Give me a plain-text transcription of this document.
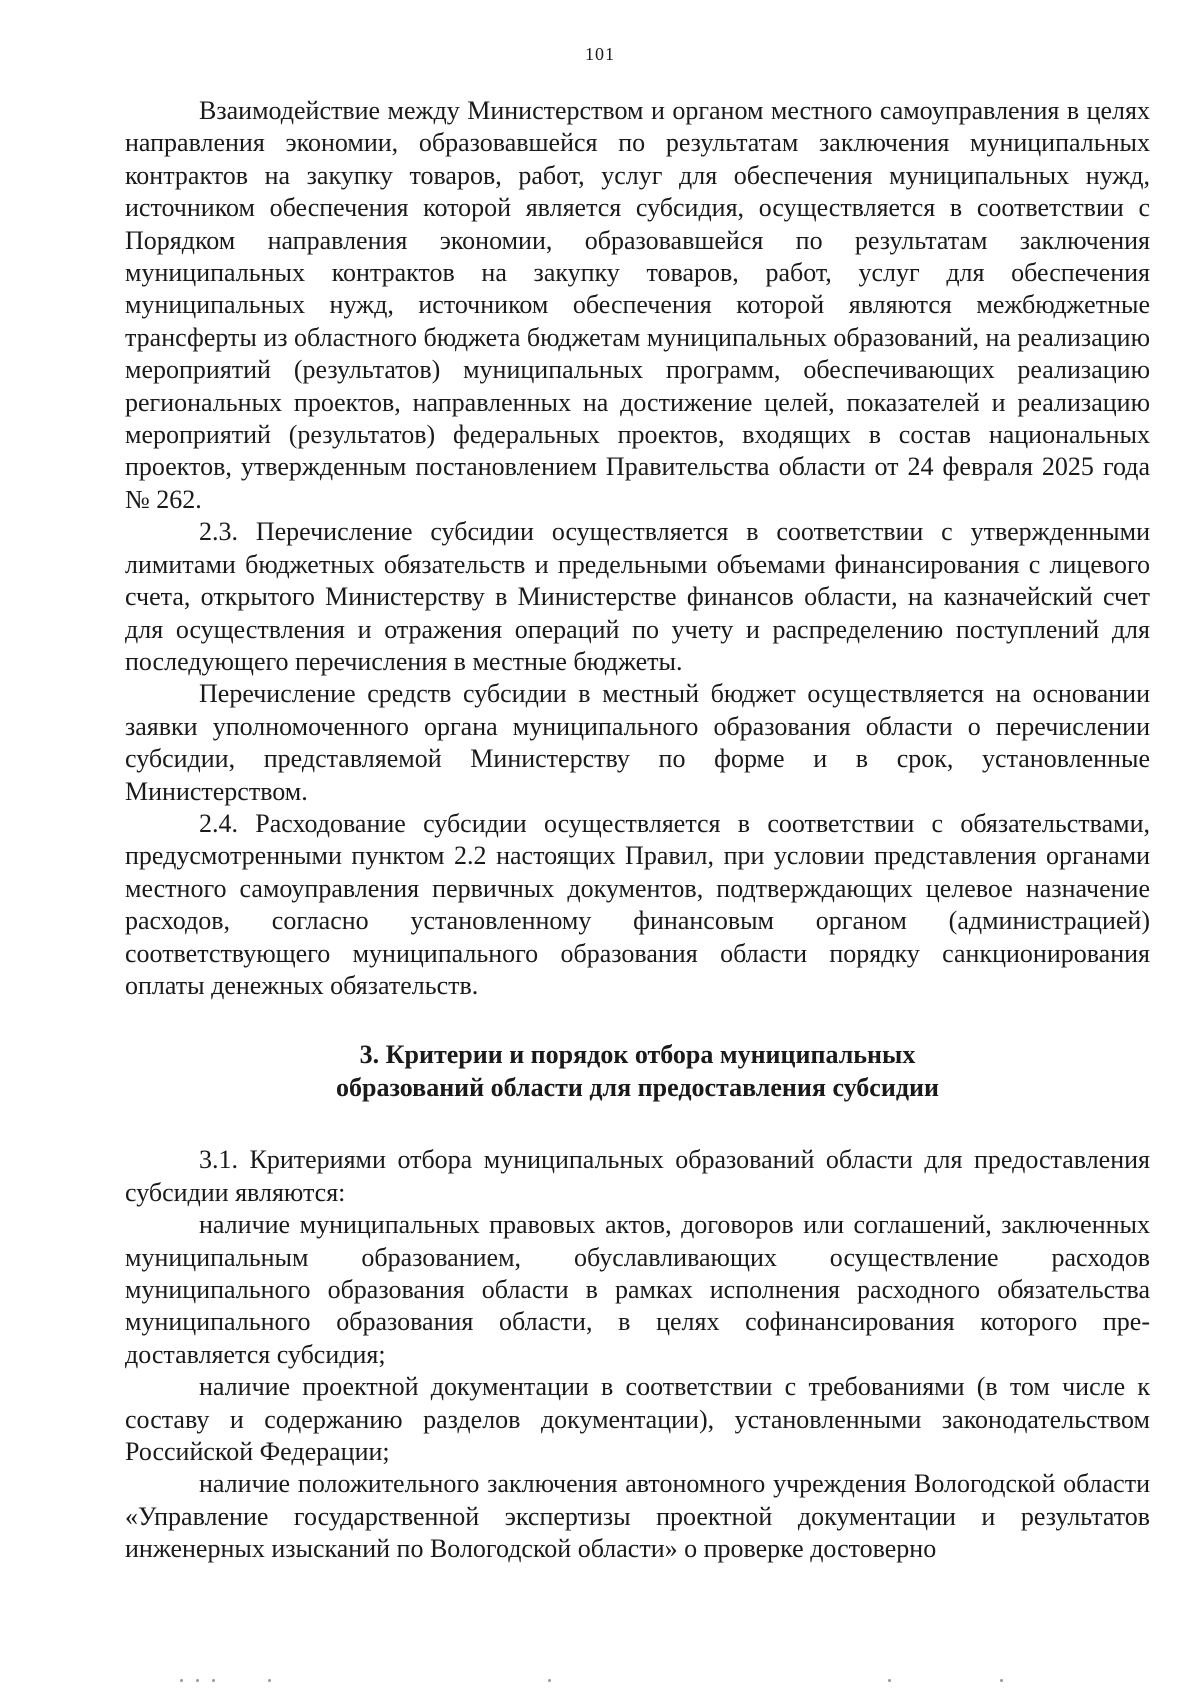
101

Взаимодействие между Министерством и органом местного самоуправления в целях направления экономии, образовавшейся по результатам заключения муниципальных контрактов на закупку товаров, работ, услуг для обеспечения муниципальных нужд, источником обеспечения которой является субсидия, осуществляется в соответствии с Порядком направления экономии, образовавшейся по результатам заключения муниципальных контрактов на закупку товаров, работ, услуг для обеспечения муниципальных нужд, источником обеспечения которой являются межбюджетные трансферты из областного бюджета бюджетам муниципальных образований, на реализацию мероприятий (результатов) муниципальных программ, обеспечивающих реализацию региональных проектов, направленных на достижение целей, показателей и реализацию мероприятий (результатов) федеральных проектов, входящих в состав национальных проектов, утвержденным постановлением Правительства области от 24 февраля 2025 года № 262.

2.3. Перечисление субсидии осуществляется в соответствии с утвержденными лимитами бюджетных обязательств и предельными объемами финансирования с лицевого счета, открытого Министерству в Министерстве финансов области, на казначейский счет для осуществления и отражения операций по учету и распределению поступлений для последующего перечисления в местные бюджеты.

Перечисление средств субсидии в местный бюджет осуществляется на основании заявки уполномоченного органа муниципального образования области о перечислении субсидии, представляемой Министерству по форме и в срок, установленные Министерством.

2.4. Расходование субсидии осуществляется в соответствии с обязательствами, предусмотренными пунктом 2.2 настоящих Правил, при условии представления органами местного самоуправления первичных документов, подтверждающих целевое назначение расходов, согласно установленному финансовым органом (администрацией) соответствующего муниципального образования области порядку санкционирования оплаты денежных обязательств.

3. Критерии и порядок отбора муниципальных
образований области для предоставления субсидии

3.1. Критериями отбора муниципальных образований области для предоставления субсидии являются:

наличие муниципальных правовых актов, договоров или соглашений, заключенных муниципальным образованием, обуславливающих осуществление расходов муниципального образования области в рамках исполнения расходного обязательства муниципального образования области, в целях софинансирования которого предоставляется субсидия;

наличие проектной документации в соответствии с требованиями (в том числе к составу и содержанию разделов документации), установленными законодательством Российской Федерации;

наличие положительного заключения автономного учреждения Вологодской области «Управление государственной экспертизы проектной документации и результатов инженерных изысканий по Вологодской области» о проверке достоверно
